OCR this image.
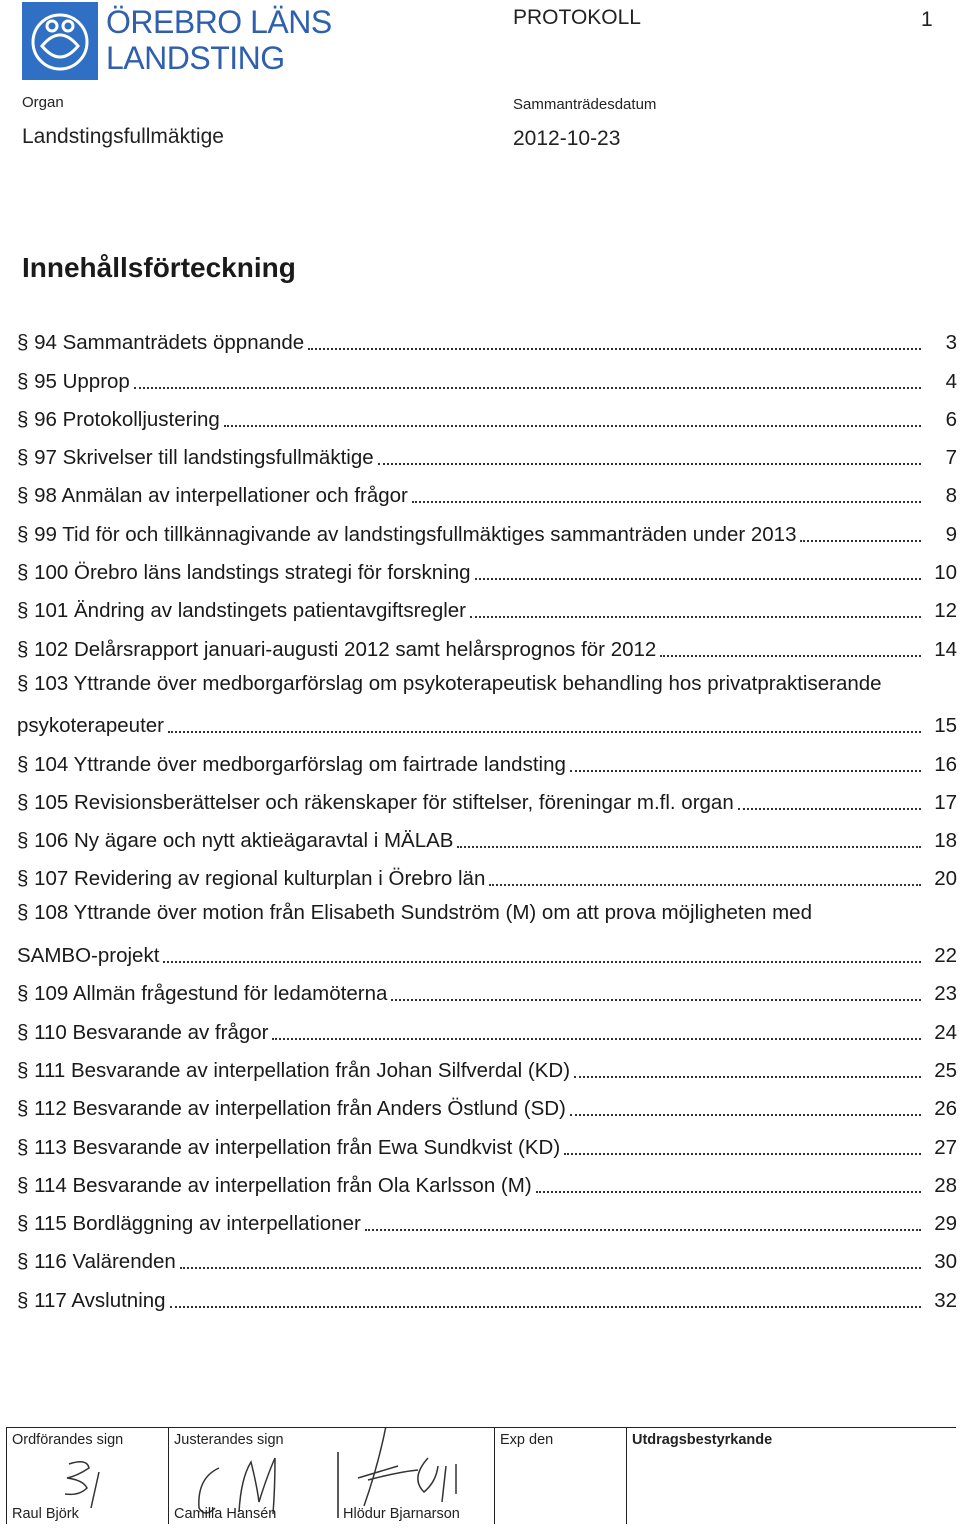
ÖREBRO LÄNS
LANDSTING
PROTOKOLL	1
Organ
Landstingsfullmäktige
Sammanträdesdatum
2012-10-23
Innehållsförteckning
§ 94 Sammanträdets öppnande	3
§ 95 Upprop	4
§ 96 Protokolljustering	6
§ 97 Skrivelser till landstingsfullmäktige	7
§ 98 Anmälan av interpellationer och frågor	8
§ 99 Tid för och tillkännagivande av landstingsfullmäktiges sammanträden under 2013	9
§ 100 Örebro läns landstings strategi för forskning	10
§ 101 Ändring av landstingets patientavgiftsregler	12
§ 102 Delårsrapport januari-augusti 2012 samt helårsprognos för 2012	14
§ 103 Yttrande över medborgarförslag om psykoterapeutisk behandling hos privatpraktiserande
psykoterapeuter	15
§ 104 Yttrande över medborgarförslag om fairtrade landsting	16
§ 105 Revisionsberättelser och räkenskaper för stiftelser, föreningar m.fl. organ	17
§ 106 Ny ägare och nytt aktieägaravtal i MÄLAB	18
§ 107 Revidering av regional kulturplan i Örebro län	20
§ 108 Yttrande över motion från Elisabeth Sundström (M) om att prova möjligheten med
SAMBO-projekt	22
§ 109 Allmän frågestund för ledamöterna	23
§ 110 Besvarande av frågor	24
§ 111 Besvarande av interpellation från Johan Silfverdal (KD)	25
§ 112 Besvarande av interpellation från Anders Östlund (SD)	26
§ 113 Besvarande av interpellation från Ewa Sundkvist (KD)	27
§ 114 Besvarande av interpellation från Ola Karlsson (M)	28
§ 115 Bordläggning av interpellationer	29
§ 116 Valärenden	30
§ 117 Avslutning	32
Ordförandes sign
Raul Björk
Justerandes sign
Camilla Hansén	Hlödur Bjarnarson
Exp den	Utdragsbestyrkande
